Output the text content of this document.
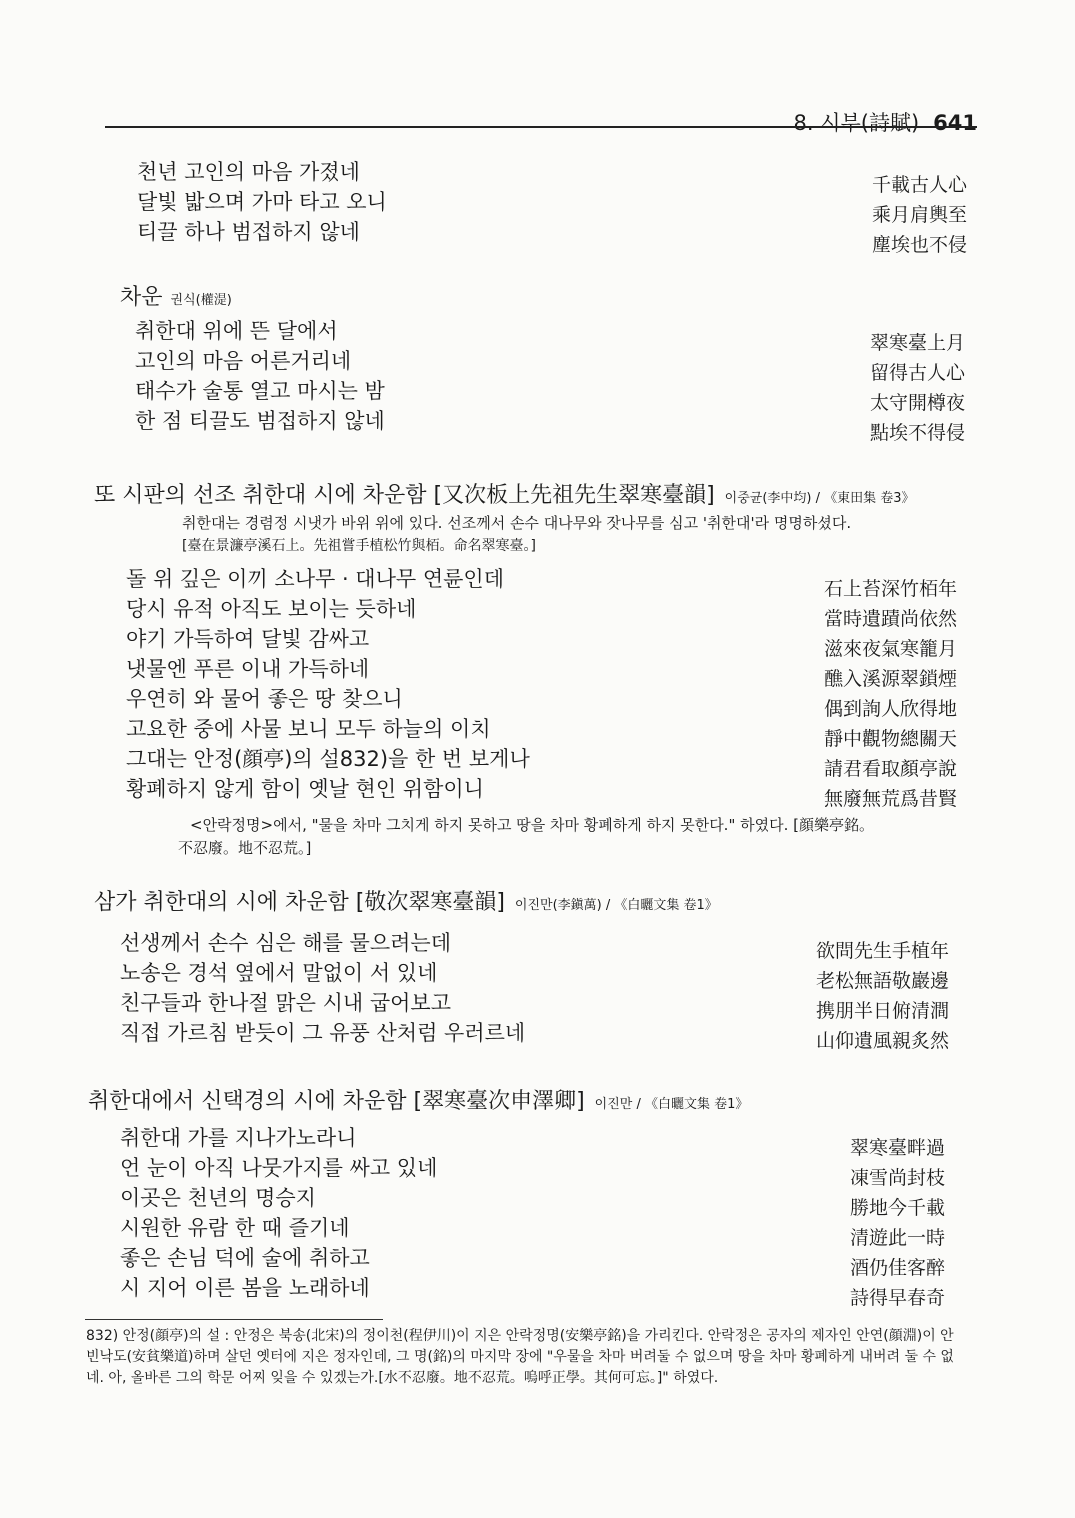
8. 시부(詩賦) 641
천년 고인의 마음 가졌네
달빛 밟으며 가마 타고 오니
티끌 하나 범접하지 않네
千載古人心
乘月肩輿至
塵埃也不侵
차운 권식(權湜)
취한대 위에 뜬 달에서
고인의 마음 어른거리네
태수가 술통 열고 마시는 밤
한 점 티끌도 범접하지 않네
翠寒臺上月
留得古人心
太守開樽夜
點埃不得侵
또 시판의 선조 취한대 시에 차운함 [又次板上先祖先生翠寒臺韻] 이중균(李中均) / 《東田集 卷3》
취한대는 경렴정 시냇가 바위 위에 있다. 선조께서 손수 대나무와 잣나무를 심고 '취한대'라 명명하셨다.
[臺在景濂亭溪石上。先祖嘗手植松竹與栢。命名翠寒臺。]
돌 위 깊은 이끼 소나무 · 대나무 연륜인데
당시 유적 아직도 보이는 듯하네
야기 가득하여 달빛 감싸고
냇물엔 푸른 이내 가득하네
우연히 와 물어 좋은 땅 찾으니
고요한 중에 사물 보니 모두 하늘의 이치
그대는 안정(顔亭)의 설832)을 한 번 보게나
황폐하지 않게 함이 옛날 현인 위함이니
石上苔深竹栢年
當時遺蹟尚依然
滋來夜氣寒籠月
醮入溪源翠鎖煙
偶到詢人欣得地
靜中觀物總關天
請君看取顏亭說
無廢無荒爲昔賢
<안락정명>에서, "물을 차마 그치게 하지 못하고 땅을 차마 황폐하게 하지 못한다." 하였다. [顔樂亭銘。
不忍廢。地不忍荒。]
삼가 취한대의 시에 차운함 [敬次翠寒臺韻] 이진만(李鎭萬) / 《白曬文集 卷1》
선생께서 손수 심은 해를 물으려는데
노송은 경석 옆에서 말없이 서 있네
친구들과 한나절 맑은 시내 굽어보고
직접 가르침 받듯이 그 유풍 산처럼 우러르네
欲問先生手植年
老松無語敬巖邊
携朋半日俯清澗
山仰遺風親炙然
취한대에서 신택경의 시에 차운함 [翠寒臺次申澤卿] 이진만 / 《白曬文集 卷1》
취한대 가를 지나가노라니
언 눈이 아직 나뭇가지를 싸고 있네
이곳은 천년의 명승지
시원한 유람 한 때 즐기네
좋은 손님 덕에 술에 취하고
시 지어 이른 봄을 노래하네
翠寒臺畔過
凍雪尚封枝
勝地今千載
清遊此一時
酒仍佳客醉
詩得早春奇
832) 안정(顔亭)의 설 : 안정은 북송(北宋)의 정이천(程伊川)이 지은 안락정명(安樂亭銘)을 가리킨다. 안락정은 공자의 제자인 안연(顔淵)이 안빈낙도(安貧樂道)하며 살던 옛터에 지은 정자인데, 그 명(銘)의 마지막 장에 "우물을 차마 버려둘 수 없으며 땅을 차마 황폐하게 내버려 둘 수 없네. 아, 올바른 그의 학문 어찌 잊을 수 있겠는가.[水不忍廢。地不忍荒。嗚呼正學。其何可忘。]" 하였다.
